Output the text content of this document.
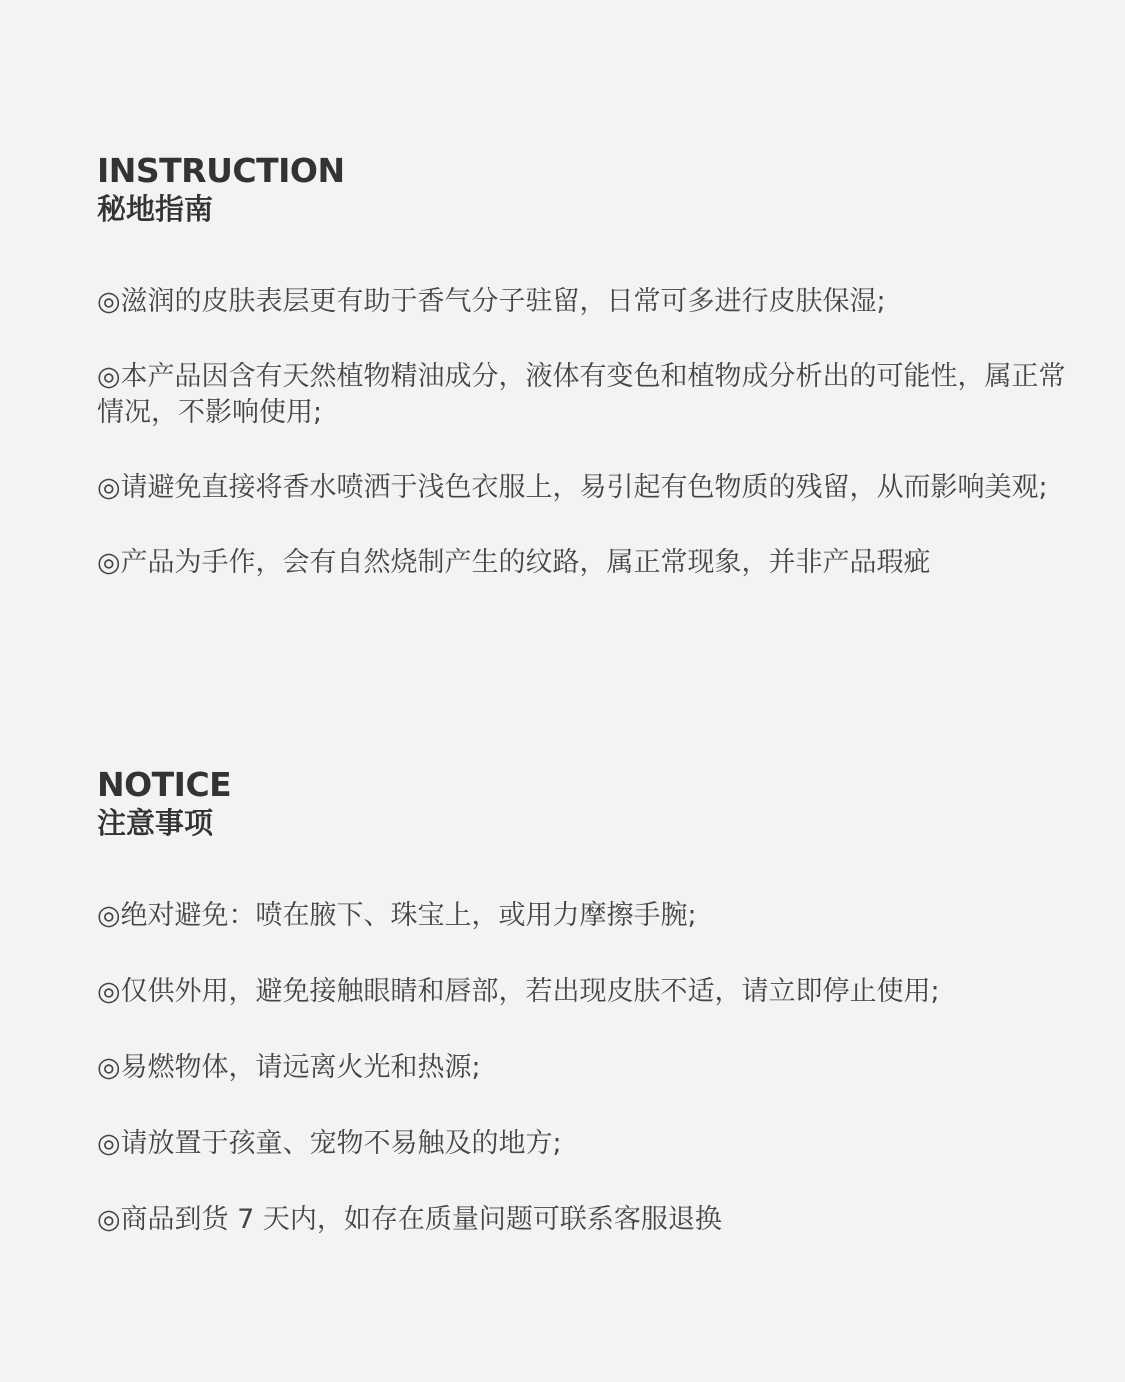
INSTRUCTION
秘地指南
◎滋润的皮肤表层更有助于香气分子驻留，日常可多进行皮肤保湿;
◎本产品因含有天然植物精油成分，液体有变色和植物成分析出的可能性，属正常情况，不影响使用;
◎请避免直接将香水喷洒于浅色衣服上，易引起有色物质的残留，从而影响美观;
◎产品为手作，会有自然烧制产生的纹路，属正常现象，并非产品瑕疵
NOTICE
注意事项
◎绝对避免：喷在腋下、珠宝上，或用力摩擦手腕;
◎仅供外用，避免接触眼睛和唇部，若出现皮肤不适，请立即停止使用;
◎易燃物体，请远离火光和热源;
◎请放置于孩童、宠物不易触及的地方;
◎商品到货 7 天内，如存在质量问题可联系客服退换
